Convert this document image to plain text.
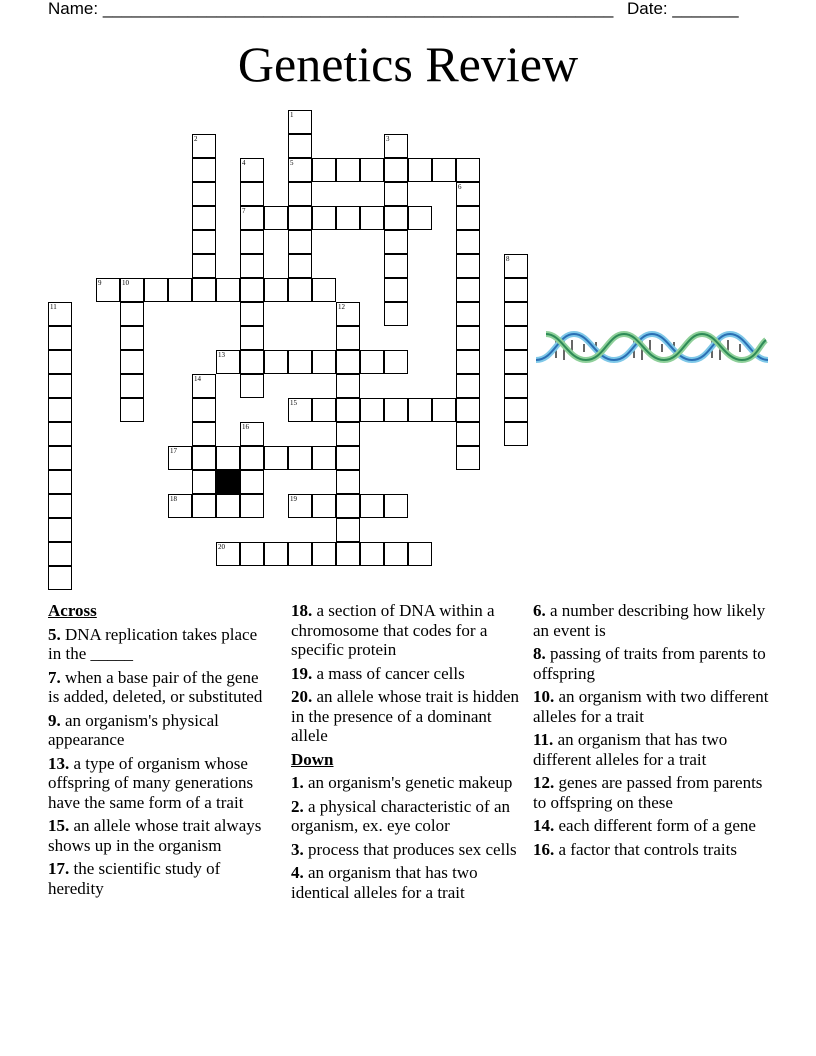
Name: ______________________________________________________ Date: _______
Genetics Review
1
2	3
4	5
6
7
8
9	10
11	12
13
14
15
16
17
18	19
20
Across
5. DNA replication takes place in the _____
7. when a base pair of the gene is added, deleted, or substituted
9. an organism's physical appearance
13. a type of organism whose offspring of many generations have the same form of a trait
15. an allele whose trait always shows up in the organism
17. the scientific study of heredity
18. a section of DNA within a chromosome that codes for a specific protein
19. a mass of cancer cells
20. an allele whose trait is hidden in the presence of a dominant allele
Down
1. an organism's genetic makeup
2. a physical characteristic of an organism, ex. eye color
3. process that produces sex cells
4. an organism that has two identical alleles for a trait
6. a number describing how likely an event is
8. passing of traits from parents to offspring
10. an organism with two different alleles for a trait
11. an organism that has two different alleles for a trait
12. genes are passed from parents to offspring on these
14. each different form of a gene
16. a factor that controls traits
